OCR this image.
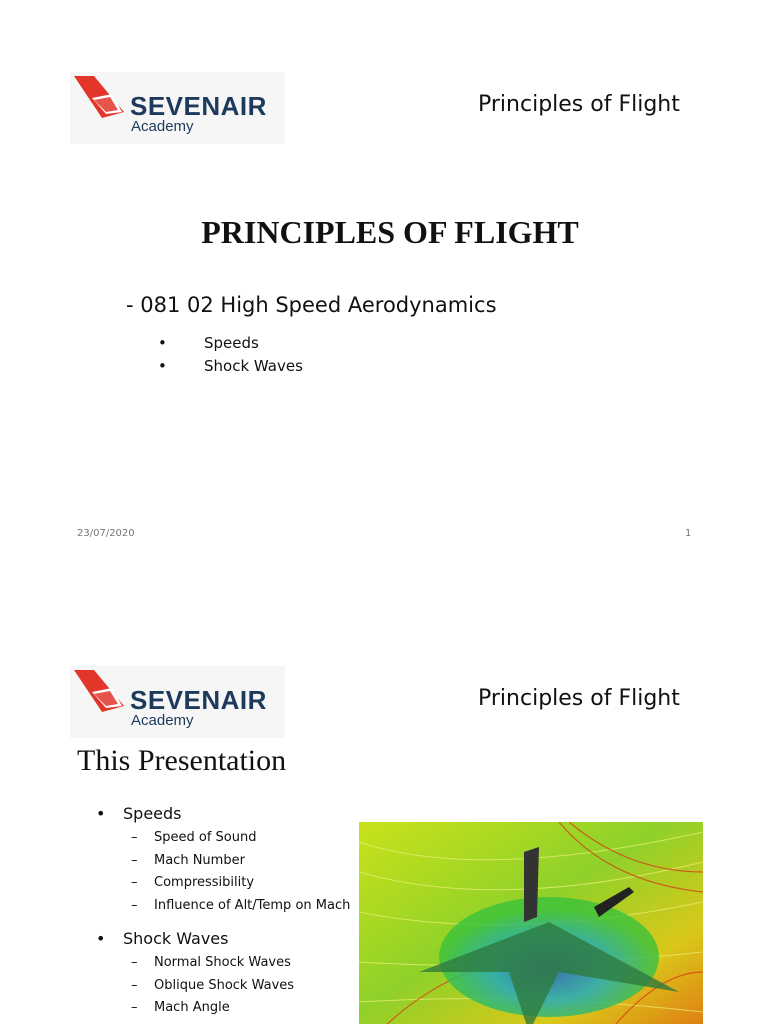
SEVENAIR
Academy
Principles of Flight
PRINCIPLES OF FLIGHT
- 081 02 High Speed Aerodynamics
• Speeds
• Shock Waves
23/07/2020	1
SEVENAIR
Academy
Principles of Flight
This Presentation
• Speeds
– Speed of Sound
– Mach Number
– Compressibility
– Influence of Alt/Temp on Mach
• Shock Waves
– Normal Shock Waves
– Oblique Shock Waves
– Mach Angle
